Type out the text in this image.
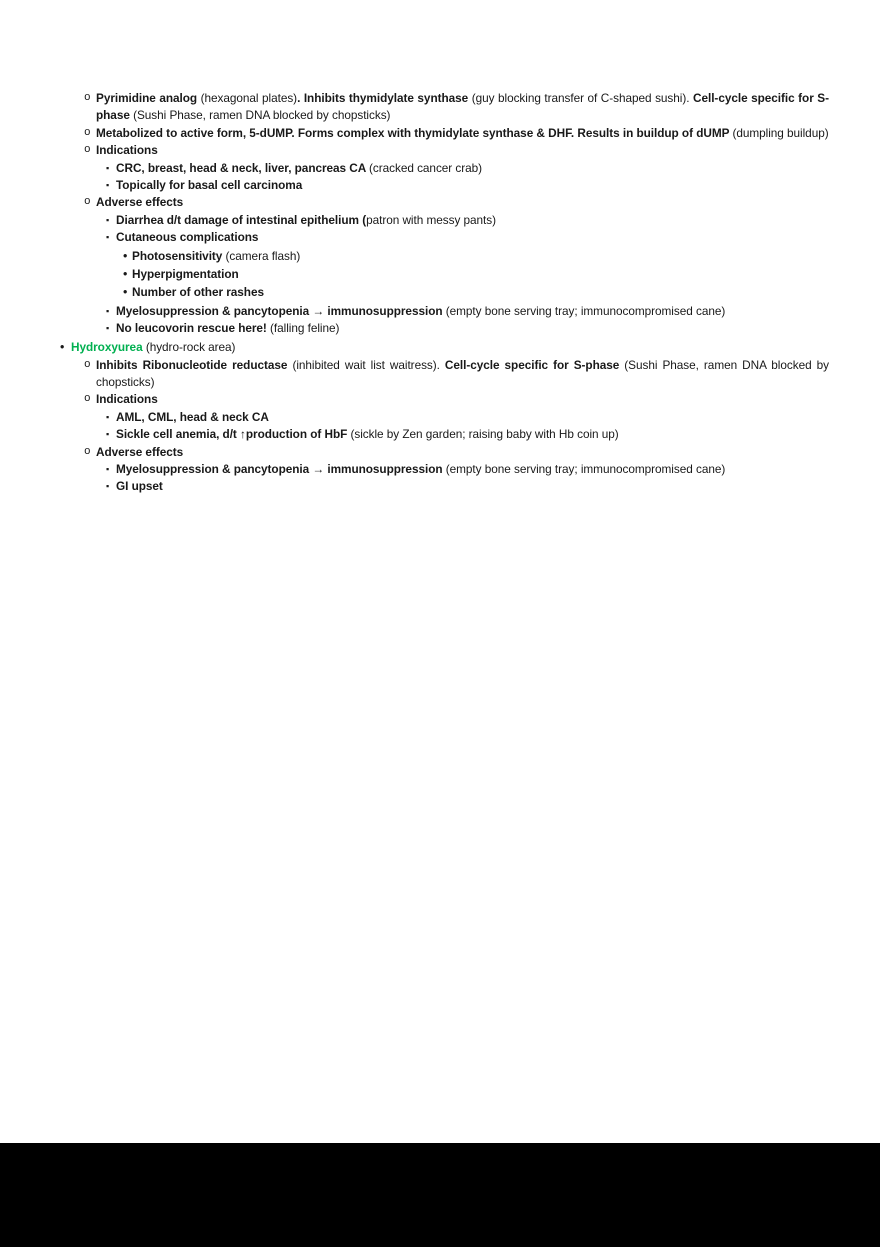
o Pyrimidine analog (hexagonal plates). Inhibits thymidylate synthase (guy blocking transfer of C-shaped sushi). Cell-cycle specific for S-phase (Sushi Phase, ramen DNA blocked by chopsticks)
o Metabolized to active form, 5-dUMP. Forms complex with thymidylate synthase & DHF. Results in buildup of dUMP (dumpling buildup)
o Indications
▪ CRC, breast, head & neck, liver, pancreas CA (cracked cancer crab)
▪ Topically for basal cell carcinoma
o Adverse effects
▪ Diarrhea d/t damage of intestinal epithelium (patron with messy pants)
▪ Cutaneous complications
• Photosensitivity (camera flash)
• Hyperpigmentation
• Number of other rashes
▪ Myelosuppression & pancytopenia → immunosuppression (empty bone serving tray; immunocompromised cane)
▪ No leucovorin rescue here! (falling feline)
• Hydroxyurea (hydro-rock area)
o Inhibits Ribonucleotide reductase (inhibited wait list waitress). Cell-cycle specific for S-phase (Sushi Phase, ramen DNA blocked by chopsticks)
o Indications
▪ AML, CML, head & neck CA
▪ Sickle cell anemia, d/t ↑production of HbF (sickle by Zen garden; raising baby with Hb coin up)
o Adverse effects
▪ Myelosuppression & pancytopenia → immunosuppression (empty bone serving tray; immunocompromised cane)
▪ GI upset
